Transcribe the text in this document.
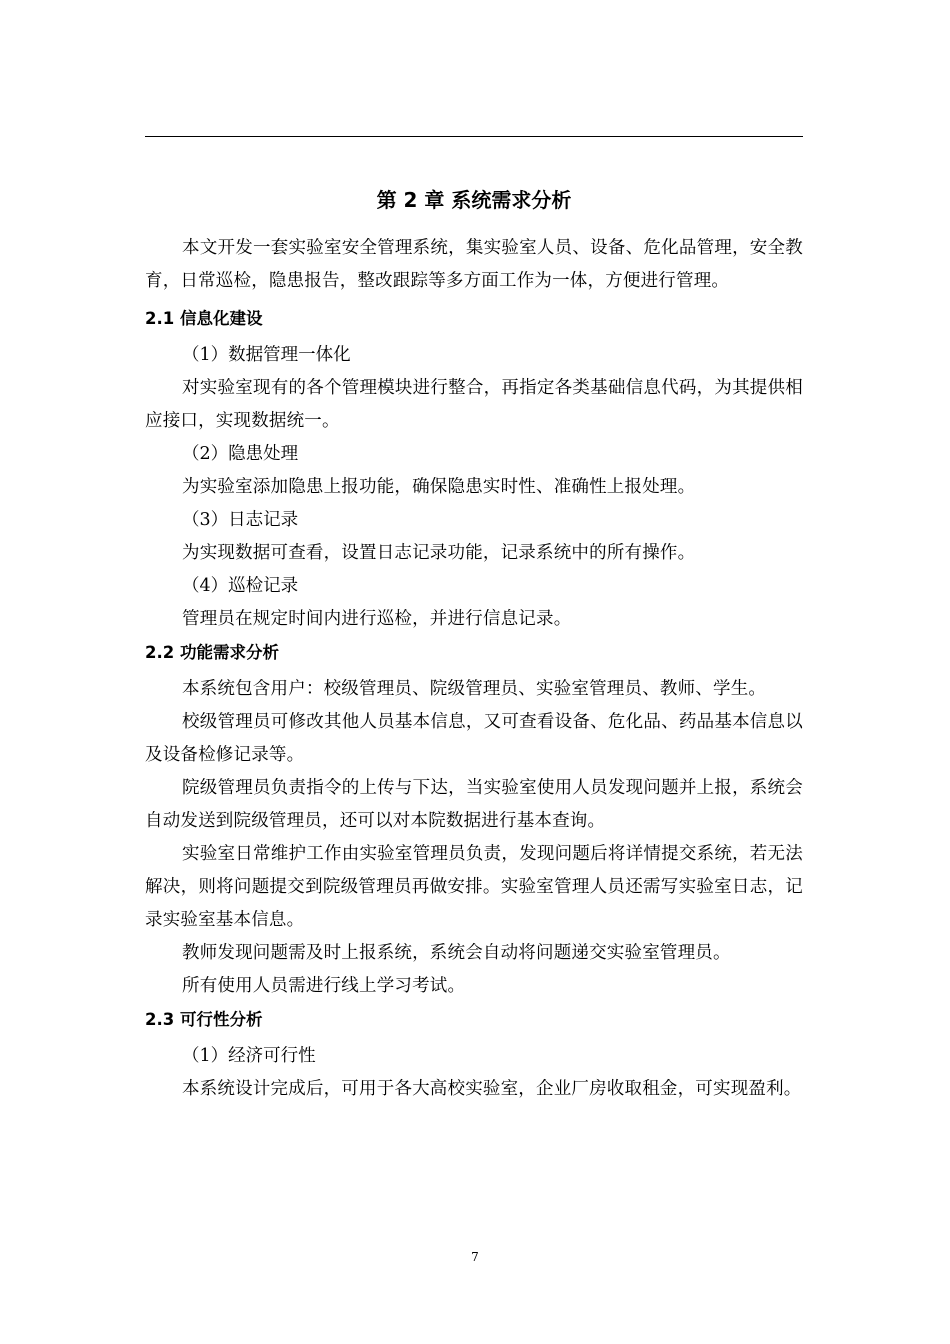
第 2 章 系统需求分析

本文开发一套实验室安全管理系统，集实验室人员、设备、危化品管理，安全教育，日常巡检，隐患报告，整改跟踪等多方面工作为一体，方便进行管理。

2.1 信息化建设

（1）数据管理一体化

对实验室现有的各个管理模块进行整合，再指定各类基础信息代码，为其提供相应接口，实现数据统一。

（2）隐患处理

为实验室添加隐患上报功能，确保隐患实时性、准确性上报处理。

（3）日志记录

为实现数据可查看，设置日志记录功能，记录系统中的所有操作。

（4）巡检记录

管理员在规定时间内进行巡检，并进行信息记录。

2.2 功能需求分析

本系统包含用户：校级管理员、院级管理员、实验室管理员、教师、学生。

校级管理员可修改其他人员基本信息，又可查看设备、危化品、药品基本信息以及设备检修记录等。

院级管理员负责指令的上传与下达，当实验室使用人员发现问题并上报，系统会自动发送到院级管理员，还可以对本院数据进行基本查询。

实验室日常维护工作由实验室管理员负责，发现问题后将详情提交系统，若无法解决，则将问题提交到院级管理员再做安排。实验室管理人员还需写实验室日志，记录实验室基本信息。

教师发现问题需及时上报系统，系统会自动将问题递交实验室管理员。

所有使用人员需进行线上学习考试。

2.3 可行性分析

（1）经济可行性

本系统设计完成后，可用于各大高校实验室，企业厂房收取租金，可实现盈利。

7
